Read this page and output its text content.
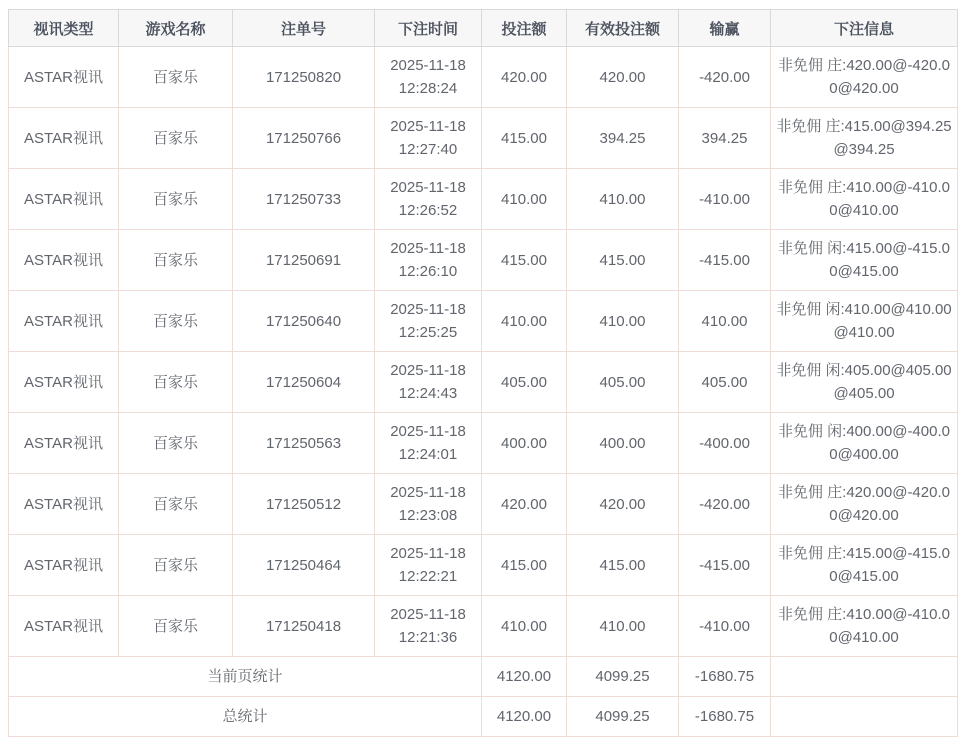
视讯类型	游戏名称	注单号	下注时间	投注额	有效投注额	输赢	下注信息
ASTAR视讯	百家乐	171250820	2025-11-18 12:28:24	420.00	420.00	-420.00	非免佣 庄:420.00@-420.00@420.00
ASTAR视讯	百家乐	171250766	2025-11-18 12:27:40	415.00	394.25	394.25	非免佣 庄:415.00@394.25@394.25
ASTAR视讯	百家乐	171250733	2025-11-18 12:26:52	410.00	410.00	-410.00	非免佣 庄:410.00@-410.00@410.00
ASTAR视讯	百家乐	171250691	2025-11-18 12:26:10	415.00	415.00	-415.00	非免佣 闲:415.00@-415.00@415.00
ASTAR视讯	百家乐	171250640	2025-11-18 12:25:25	410.00	410.00	410.00	非免佣 闲:410.00@410.00@410.00
ASTAR视讯	百家乐	171250604	2025-11-18 12:24:43	405.00	405.00	405.00	非免佣 闲:405.00@405.00@405.00
ASTAR视讯	百家乐	171250563	2025-11-18 12:24:01	400.00	400.00	-400.00	非免佣 闲:400.00@-400.00@400.00
ASTAR视讯	百家乐	171250512	2025-11-18 12:23:08	420.00	420.00	-420.00	非免佣 庄:420.00@-420.00@420.00
ASTAR视讯	百家乐	171250464	2025-11-18 12:22:21	415.00	415.00	-415.00	非免佣 庄:415.00@-415.00@415.00
ASTAR视讯	百家乐	171250418	2025-11-18 12:21:36	410.00	410.00	-410.00	非免佣 庄:410.00@-410.00@410.00
当前页统计				4120.00	4099.25	-1680.75	
总统计				4120.00	4099.25	-1680.75	
